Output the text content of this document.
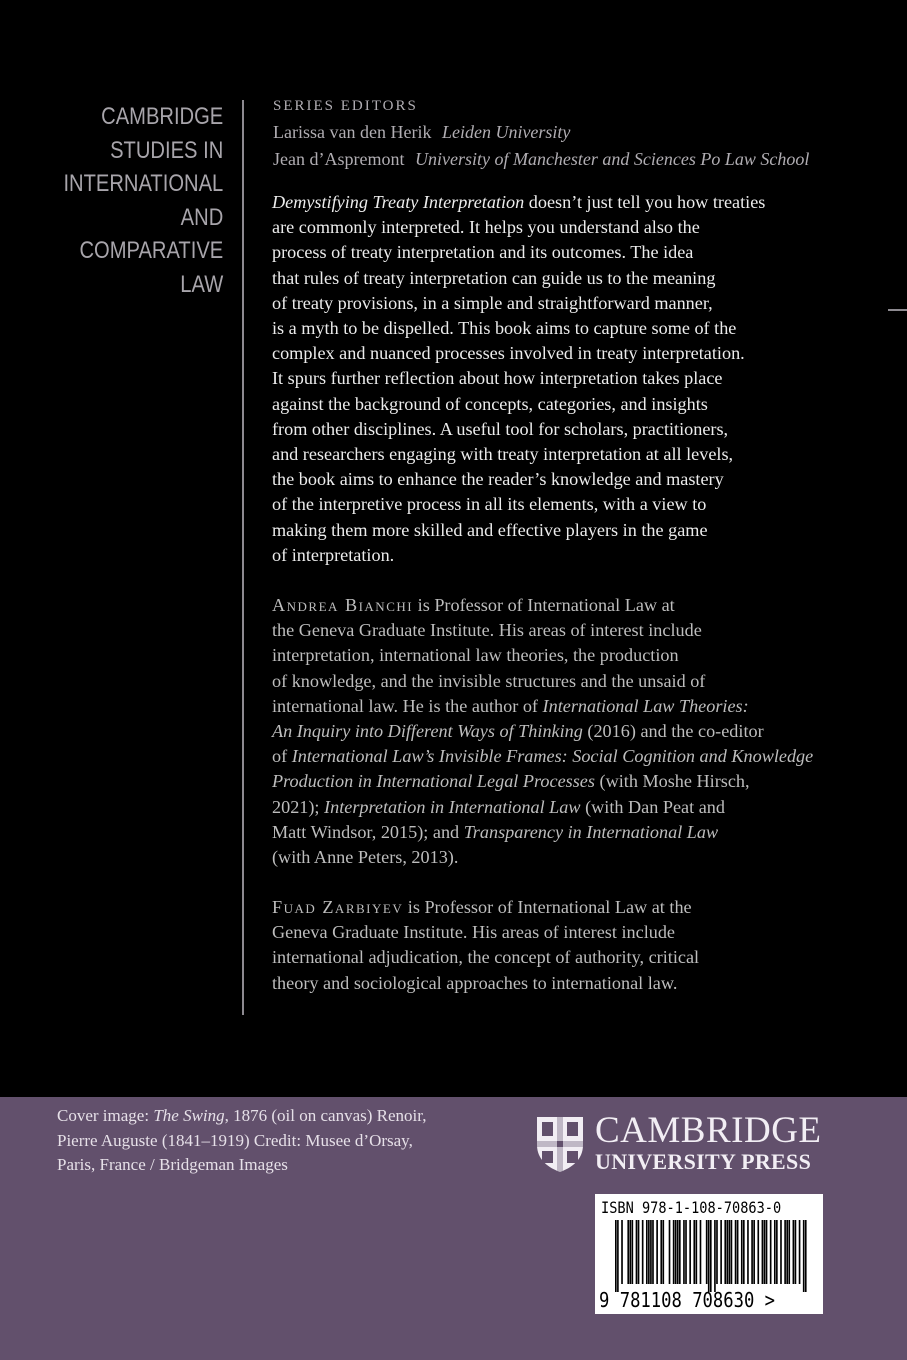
CAMBRIDGE
STUDIES IN
INTERNATIONAL
AND
COMPARATIVE
LAW
SERIES EDITORS
Larissa van den Herik Leiden University
Jean d’Aspremont University of Manchester and Sciences Po Law School
Demystifying Treaty Interpretation doesn’t just tell you how treaties
are commonly interpreted. It helps you understand also the
process of treaty interpretation and its outcomes. The idea
that rules of treaty interpretation can guide us to the meaning
of treaty provisions, in a simple and straightforward manner,
is a myth to be dispelled. This book aims to capture some of the
complex and nuanced processes involved in treaty interpretation.
It spurs further reflection about how interpretation takes place
against the background of concepts, categories, and insights
from other disciplines. A useful tool for scholars, practitioners,
and researchers engaging with treaty interpretation at all levels,
the book aims to enhance the reader’s knowledge and mastery
of the interpretive process in all its elements, with a view to
making them more skilled and effective players in the game
of interpretation.
Andrea Bianchi is Professor of International Law at
the Geneva Graduate Institute. His areas of interest include
interpretation, international law theories, the production
of knowledge, and the invisible structures and the unsaid of
international law. He is the author of International Law Theories:
An Inquiry into Different Ways of Thinking (2016) and the co-editor
of International Law’s Invisible Frames: Social Cognition and Knowledge
Production in International Legal Processes (with Moshe Hirsch,
2021); Interpretation in International Law (with Dan Peat and
Matt Windsor, 2015); and Transparency in International Law
(with Anne Peters, 2013).
Fuad Zarbiyev is Professor of International Law at the
Geneva Graduate Institute. His areas of interest include
international adjudication, the concept of authority, critical
theory and sociological approaches to international law.
Cover image: The Swing, 1876 (oil on canvas) Renoir,
Pierre Auguste (1841–1919) Credit: Musee d’Orsay,
Paris, France / Bridgeman Images
CAMBRIDGE
UNIVERSITY PRESS
ISBN 978-1-108-70863-0
9 781108 708630 >
